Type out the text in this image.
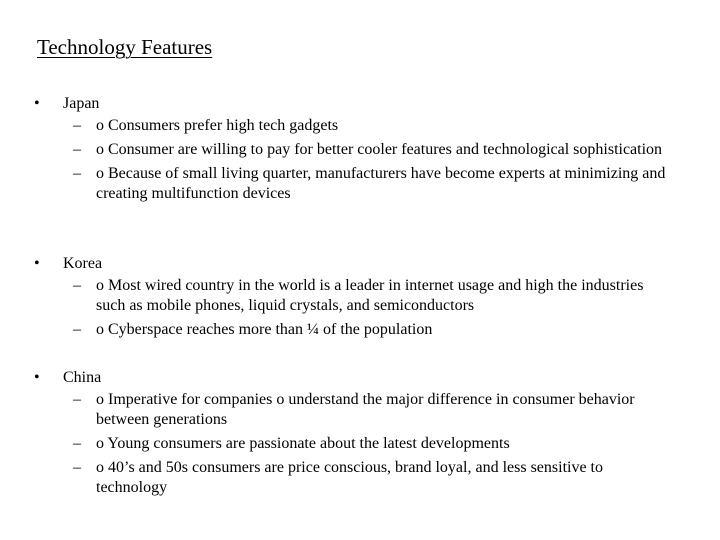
Technology Features
• Japan
– o Consumers prefer high tech gadgets
– o Consumer are willing to pay for better cooler features and technological sophistication
– o Because of small living quarter, manufacturers have become experts at minimizing and creating multifunction devices
• Korea
– o Most wired country in the world is a leader in internet usage and high the industries such as mobile phones, liquid crystals, and semiconductors
– o Cyberspace reaches more than ¼ of the population
• China
– o Imperative for companies o understand the major difference in consumer behavior between generations
– o Young consumers are passionate about the latest developments
– o 40’s and 50s consumers are price conscious, brand loyal, and less sensitive to technology
